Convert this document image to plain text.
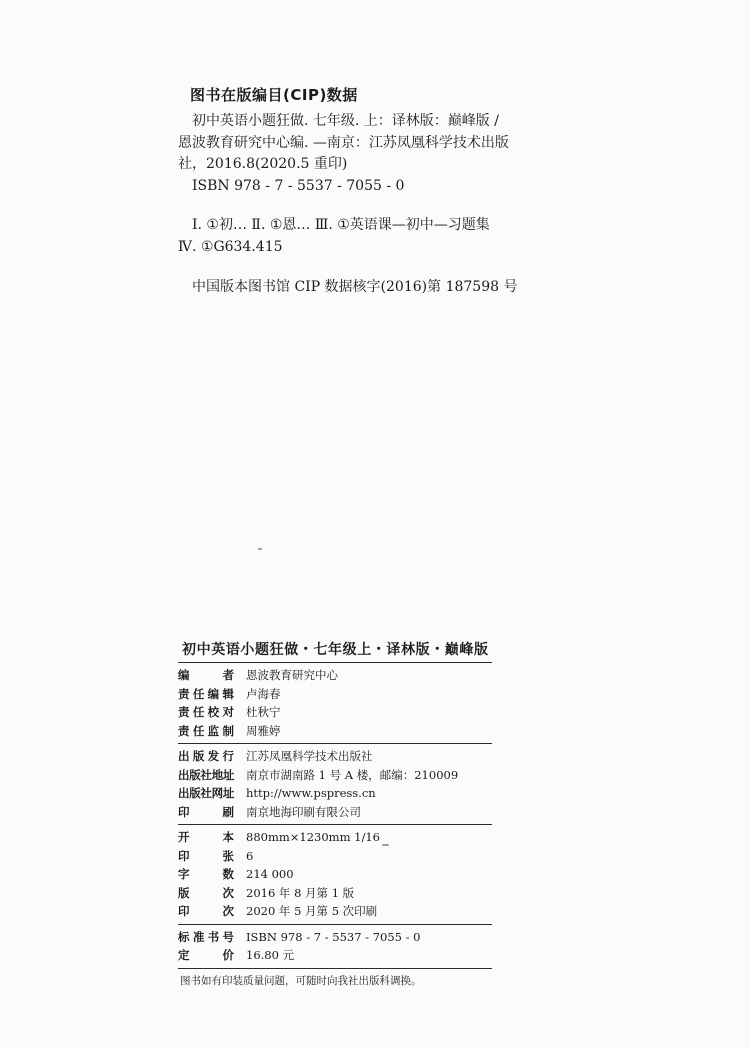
图书在版编目(CIP)数据
初中英语小题狂做. 七年级. 上：译林版：巅峰版 /
恩波教育研究中心编. —南京：江苏凤凰科学技术出版
社，2016.8(2020.5 重印)
ISBN 978 - 7 - 5537 - 7055 - 0
Ⅰ. ①初… Ⅱ. ①恩… Ⅲ. ①英语课—初中—习题集
Ⅳ. ①G634.415
中国版本图书馆 CIP 数据核字(2016)第 187598 号
初中英语小题狂做・七年级上・译林版・巅峰版
编	者	恩波教育研究中心
责 任 编 辑	卢海春
责 任 校 对	杜秋宁
责 任 监 制	周雅婷
出 版 发 行	江苏凤凰科学技术出版社
出 版 社 地 址	南京市湖南路 1 号 A 楼，邮编：210009
出 版 社 网 址	http://www.pspress.cn
印	刷	南京地海印刷有限公司
开	本	880mm×1230mm 1/16
印	张	6
字	数	214 000
版	次	2016 年 8 月第 1 版
印	次	2020 年 5 月第 5 次印刷
标 准 书 号	ISBN 978 - 7 - 5537 - 7055 - 0
定	价	16.80 元
图书如有印装质量问题，可随时向我社出版科调换。
